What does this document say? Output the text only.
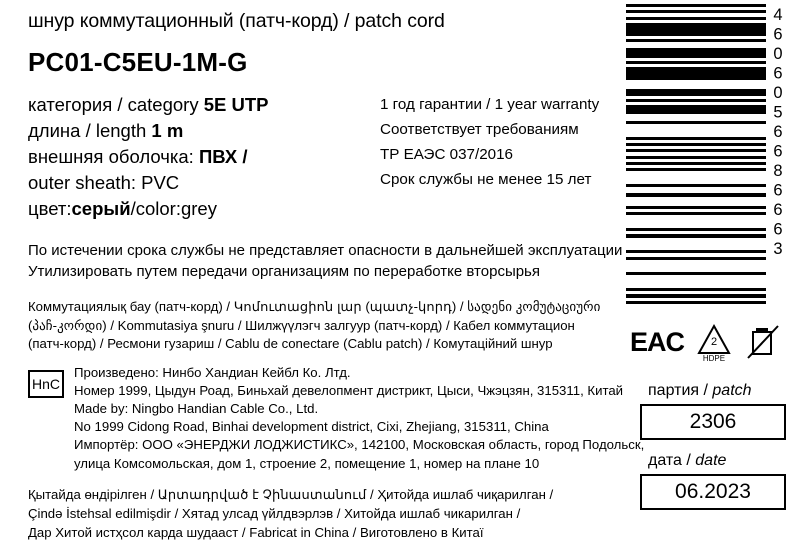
шнур коммутационный (патч-корд) / patch cord
PC01-C5EU-1M-G
категория / category 5E UTP
длина / length 1 m
внешняя оболочка: ПВХ /
outer sheath: PVC
цвет:серый/color:grey
1 год гарантии / 1 year warranty
Соответствует требованиям
ТР ЕАЭС 037/2016
Срок службы не менее 15 лет
По истечении срока службы не представляет опасности в дальнейшей эксплуатации
Утилизировать путем передачи организациям по переработке вторсырья
Коммутациялық бау (патч-корд) / Կոմուտացիոն լար (պատչ-կորդ) / სადენი კომუტაციური
(პაჩ-კორდი) / Kommutasiya şnuru / Шилжүүлэгч залгуур (патч-корд) / Кабел коммутацион
(патч-корд) / Ресмони гузариш / Cablu de conectare (Cablu patch) / Комутаційний шнур
HnC
Произведено: Нинбо Хандиан Кейбл Ко. Лтд.
Номер 1999, Цыдун Роад, Биньхай девелопмент дистрикт, Цыси, Чжэцзян, 315311, Китай
Made by: Ningbo Handian Cable Co., Ltd.
No 1999 Cidong Road, Binhai development district, Cixi, Zhejiang, 315311, China
Импортёр: ООО «ЭНЕРДЖИ ЛОДЖИСТИКС», 142100, Московская область, город Подольск,
улица Комсомольская, дом 1, строение 2, помещение 1, номер на плане 10
Қытайда өндірілген / Արտադրված է Չինաստանում / Ҳитойда ишлаб чиқарилган /
Çində İstehsal edilmişdir / Хятад улсад үйлдвэрлэв / Хитойда ишлаб чикарилган /
Дар Хитой истҳсол карда шудааст / Fabricat in China / Виготовлено в Китаї
4606056686663
ЕAC 2
HDPE
партия / patch
2306
дата / date
06.2023
